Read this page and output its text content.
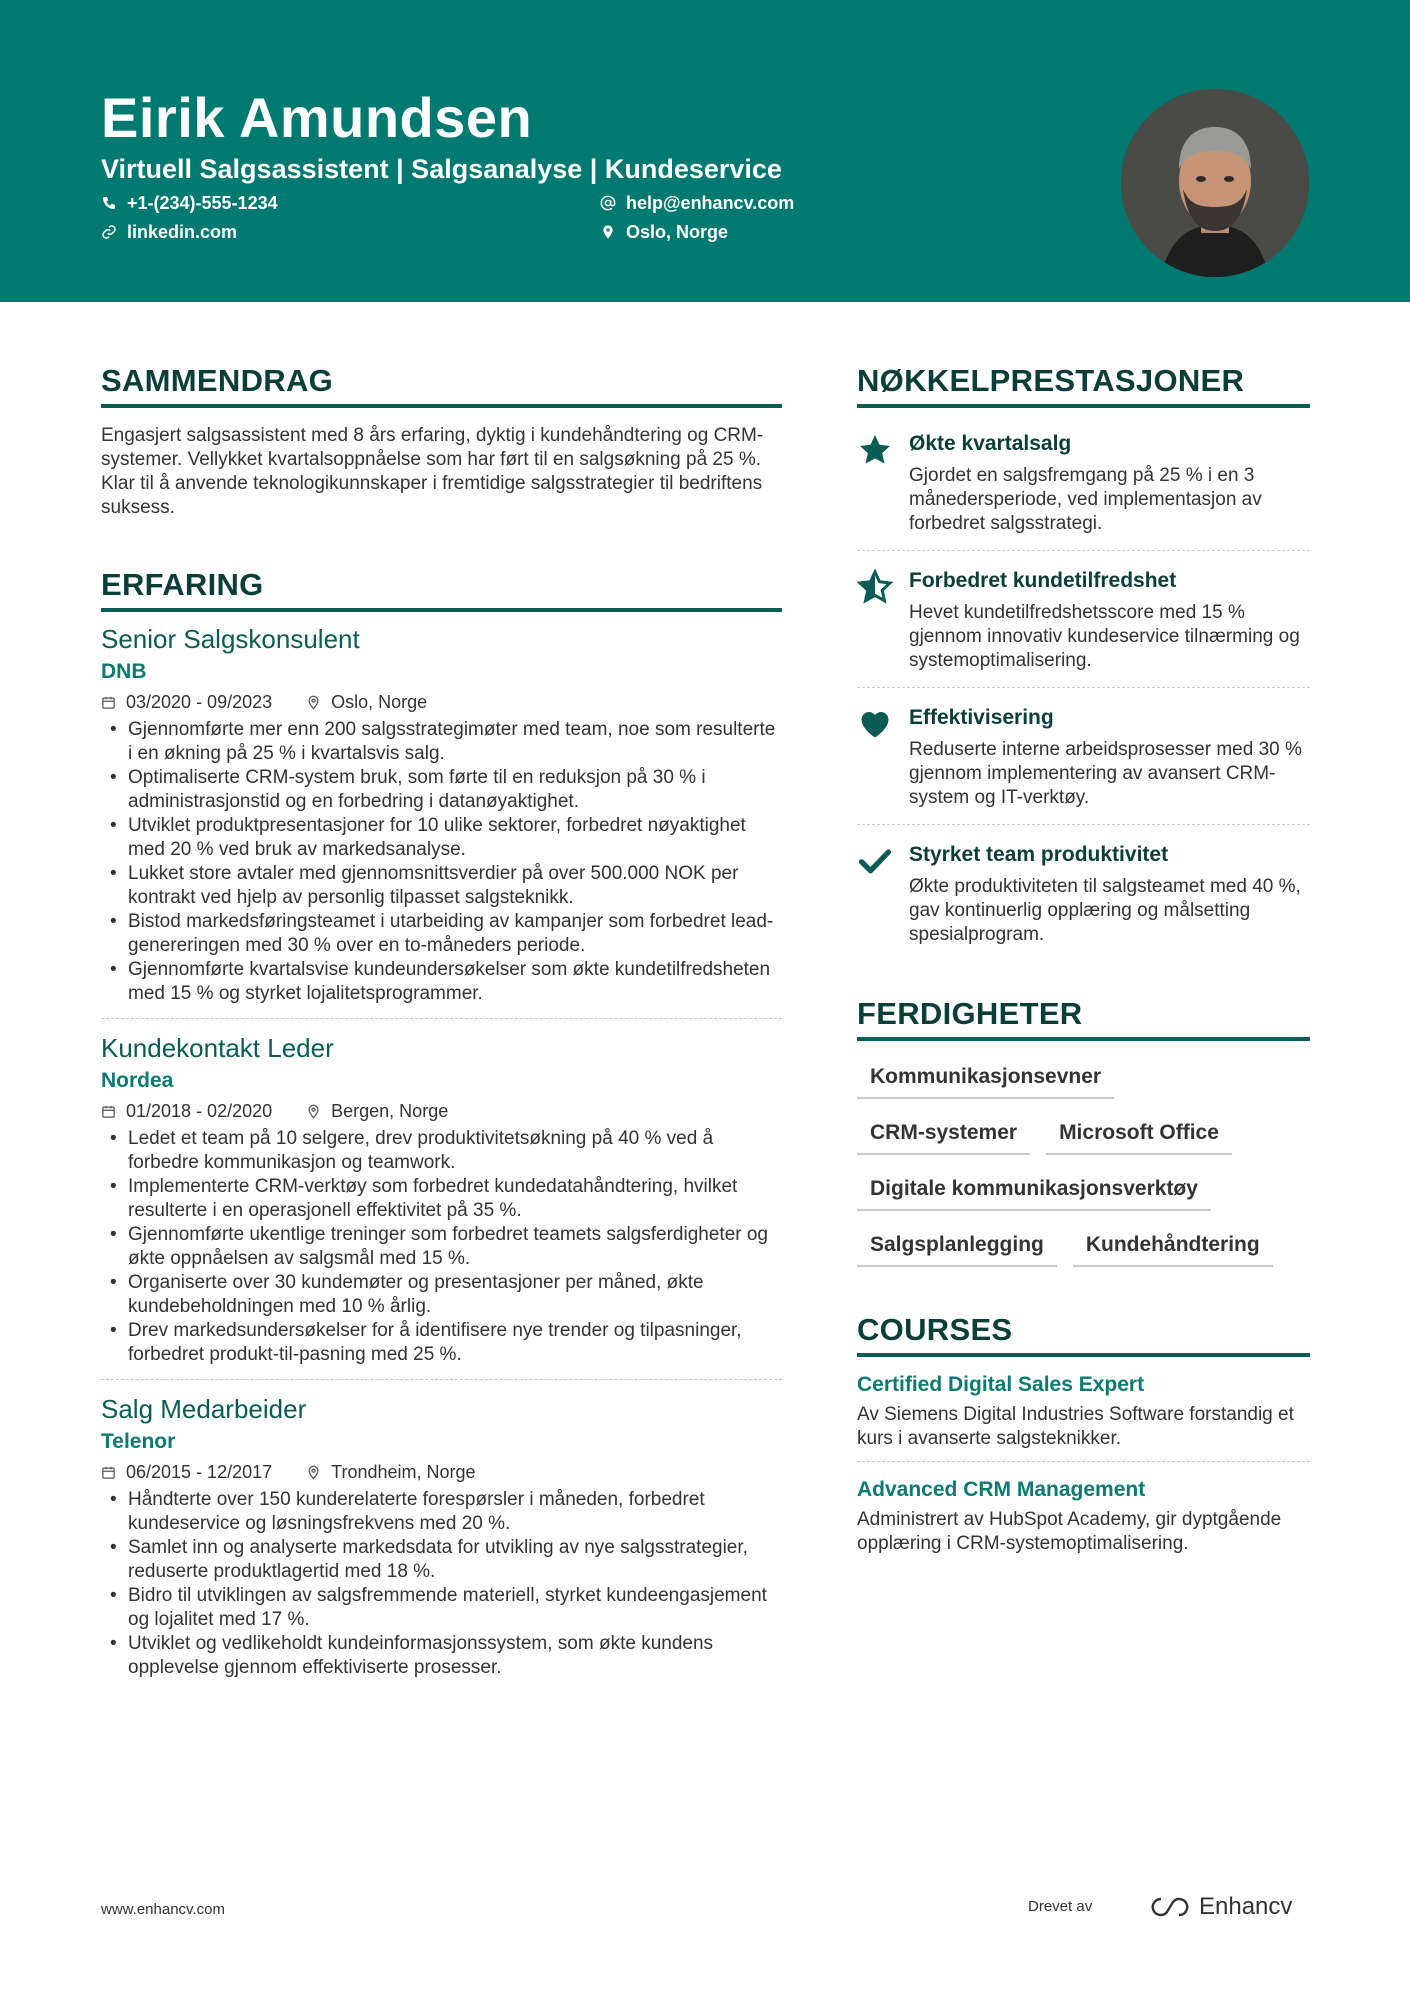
Eirik Amundsen
Virtuell Salgsassistent | Salgsanalyse | Kundeservice
+1-(234)-555-1234
linkedin.com
help@enhancv.com
Oslo, Norge
SAMMENDRAG

Engasjert salgsassistent med 8 års erfaring, dyktig i kundehåndtering og CRM-systemer. Vellykket kvartalsoppnåelse som har ført til en salgsøkning på 25 %. Klar til å anvende teknologikunnskaper i fremtidige salgsstrategier til bedriftens suksess.

ERFARING
Senior Salgskonsulent
DNB
03/2020 - 09/2023	Oslo, Norge
• Gjennomførte mer enn 200 salgsstrategimøter med team, noe som resulterte i en økning på 25 % i kvartalsvis salg.
• Optimaliserte CRM-system bruk, som førte til en reduksjon på 30 % i administrasjonstid og en forbedring i datanøyaktighet.
• Utviklet produktpresentasjoner for 10 ulike sektorer, forbedret nøyaktighet med 20 % ved bruk av markedsanalyse.
• Lukket store avtaler med gjennomsnittsverdier på over 500.000 NOK per kontrakt ved hjelp av personlig tilpasset salgsteknikk.
• Bistod markedsføringsteamet i utarbeiding av kampanjer som forbedret lead-genereringen med 30 % over en to-måneders periode.
• Gjennomførte kvartalsvise kundeundersøkelser som økte kundetilfredsheten med 15 % og styrket lojalitetsprogrammer.
Kundekontakt Leder
Nordea
01/2018 - 02/2020	Bergen, Norge
• Ledet et team på 10 selgere, drev produktivitetsøkning på 40 % ved å forbedre kommunikasjon og teamwork.
• Implementerte CRM-verktøy som forbedret kundedatahåndtering, hvilket resulterte i en operasjonell effektivitet på 35 %.
• Gjennomførte ukentlige treninger som forbedret teamets salgsferdigheter og økte oppnåelsen av salgsmål med 15 %.
• Organiserte over 30 kundemøter og presentasjoner per måned, økte kundebeholdningen med 10 % årlig.
• Drev markedsundersøkelser for å identifisere nye trender og tilpasninger, forbedret produkt-til-pasning med 25 %.
Salg Medarbeider
Telenor
06/2015 - 12/2017	Trondheim, Norge
• Håndterte over 150 kunderelaterte forespørsler i måneden, forbedret kundeservice og løsningsfrekvens med 20 %.
• Samlet inn og analyserte markedsdata for utvikling av nye salgsstrategier, reduserte produktlagertid med 18 %.
• Bidro til utviklingen av salgsfremmende materiell, styrket kundeengasjement og lojalitet med 17 %.
• Utviklet og vedlikeholdt kundeinformasjonssystem, som økte kundens opplevelse gjennom effektiviserte prosesser.
NØKKELPRESTASJONER
Økte kvartalsalg
Gjordet en salgsfremgang på 25 % i en 3 månedersperiode, ved implementasjon av forbedret salgsstrategi.
Forbedret kundetilfredshet
Hevet kundetilfredshetsscore med 15 % gjennom innovativ kundeservice tilnærming og systemoptimalisering.
Effektivisering
Reduserte interne arbeidsprosesser med 30 % gjennom implementering av avansert CRM-system og IT-verktøy.
Styrket team produktivitet
Økte produktiviteten til salgsteamet med 40 %, gav kontinuerlig opplæring og målsetting spesialprogram.
FERDIGHETER
Kommunikasjonsevner
CRM-systemer	Microsoft Office
Digitale kommunikasjonsverktøy
Salgsplanlegging	Kundehåndtering
COURSES
Certified Digital Sales Expert
Av Siemens Digital Industries Software forstandig et kurs i avanserte salgsteknikker.
Advanced CRM Management
Administrert av HubSpot Academy, gir dyptgående opplæring i CRM-systemoptimalisering.
www.enhancv.com	Drevet av	Enhancv
